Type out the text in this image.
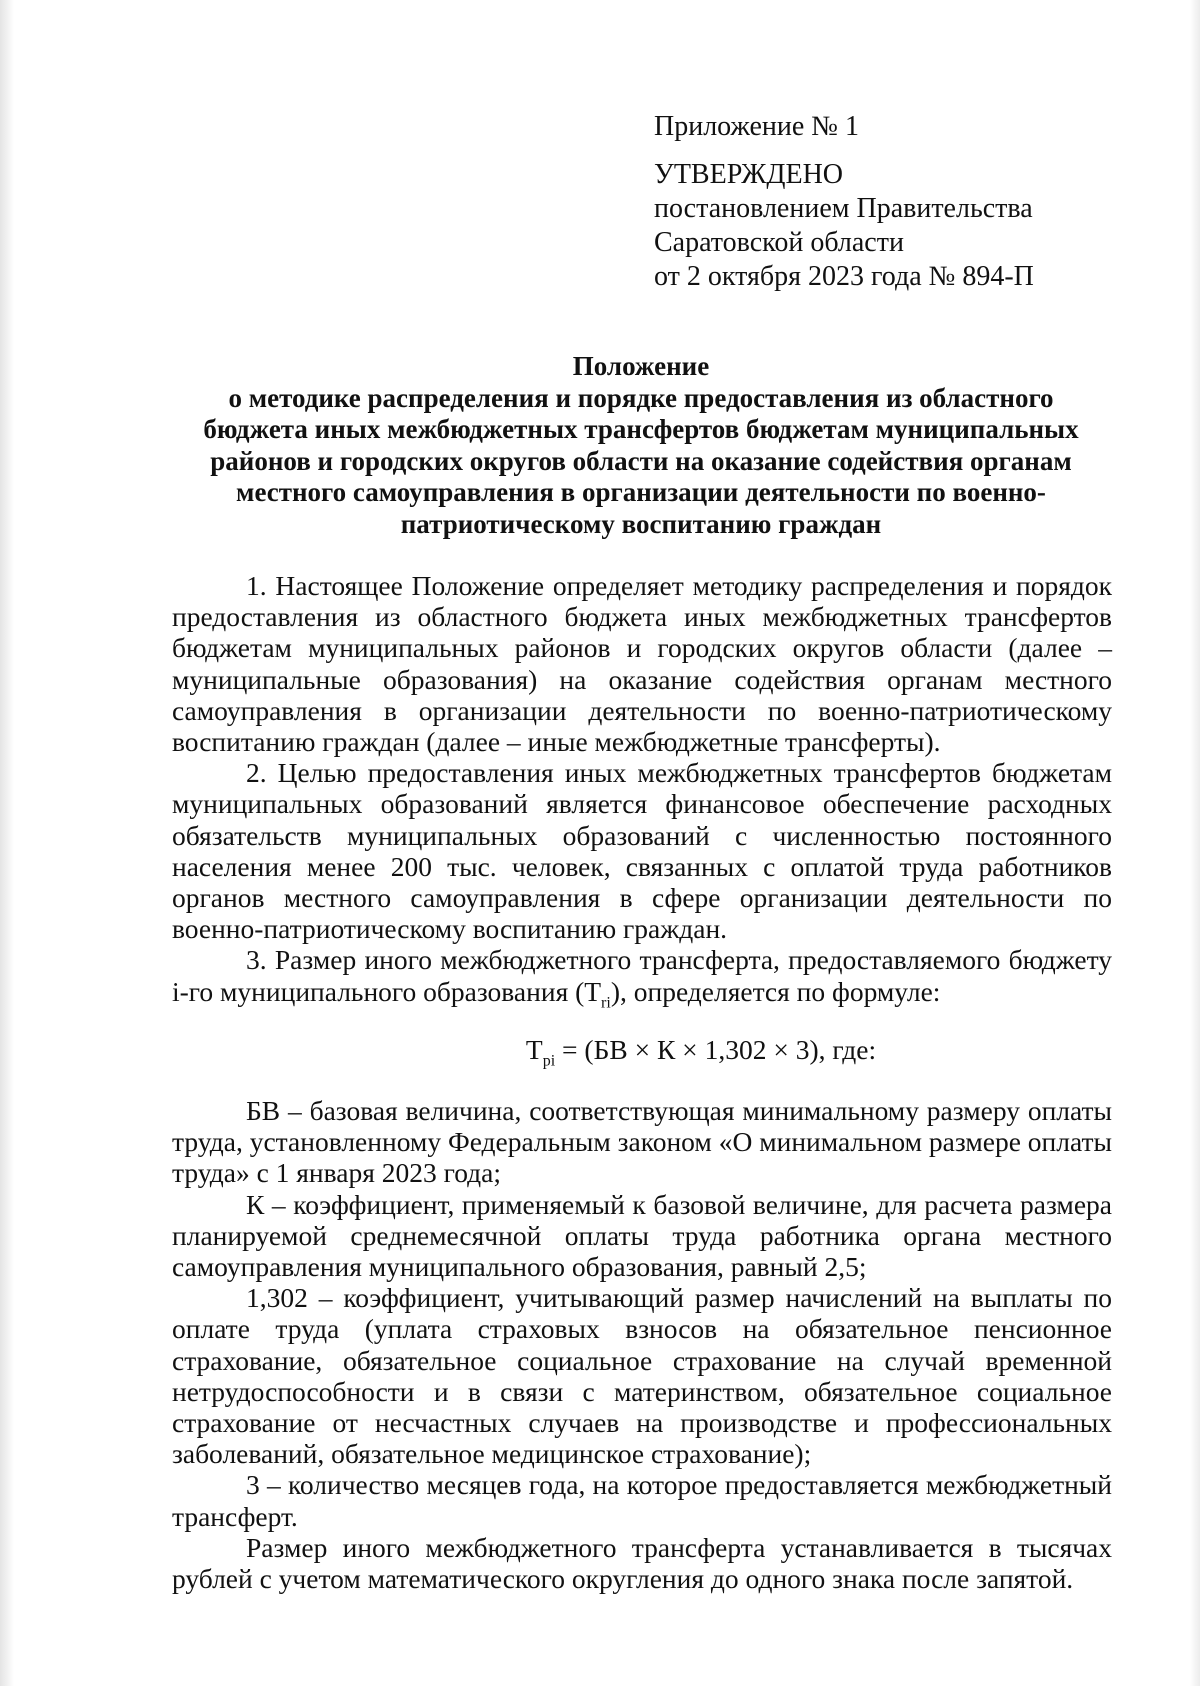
Приложение № 1
УТВЕРЖДЕНО
постановлением Правительства
Саратовской области
от 2 октября 2023 года № 894-П
Положение
о методике распределения и порядке предоставления из областного
бюджета иных межбюджетных трансфертов бюджетам муниципальных
районов и городских округов области на оказание содействия органам
местного самоуправления в организации деятельности по военно-
патриотическому воспитанию граждан

1. Настоящее Положение определяет методику распределения и порядок предоставления из областного бюджета иных межбюджетных трансфертов бюджетам муниципальных районов и городских округов области (далее – муниципальные образования) на оказание содействия органам местного самоуправления в организации деятельности по военно-патриотическому воспитанию граждан (далее – иные межбюджетные трансферты).

2. Целью предоставления иных межбюджетных трансфертов бюджетам муниципальных образований является финансовое обеспечение расходных обязательств муниципальных образований с численностью постоянного населения менее 200 тыс. человек, связанных с оплатой труда работников органов местного самоуправления в сфере организации деятельности по военно-патриотическому воспитанию граждан.

3. Размер иного межбюджетного трансферта, предоставляемого бюджету i-го муниципального образования $(Т_{ri})$, определяется по формуле:

$Т_{pi} = (БВ \times К \times 1,302 \times 3)$, где:

БВ – базовая величина, соответствующая минимальному размеру оплаты труда, установленному Федеральным законом «О минимальном размере оплаты труда» с 1 января 2023 года;

К – коэффициент, применяемый к базовой величине, для расчета размера планируемой среднемесячной оплаты труда работника органа местного самоуправления муниципального образования, равный 2,5;

1,302 – коэффициент, учитывающий размер начислений на выплаты по оплате труда (уплата страховых взносов на обязательное пенсионное страхование, обязательное социальное страхование на случай временной нетрудоспособности и в связи с материнством, обязательное социальное страхование от несчастных случаев на производстве и профессиональных заболеваний, обязательное медицинское страхование);

3 – количество месяцев года, на которое предоставляется межбюджетный трансферт.

Размер иного межбюджетного трансферта устанавливается в тысячах рублей с учетом математического округления до одного знака после запятой.
